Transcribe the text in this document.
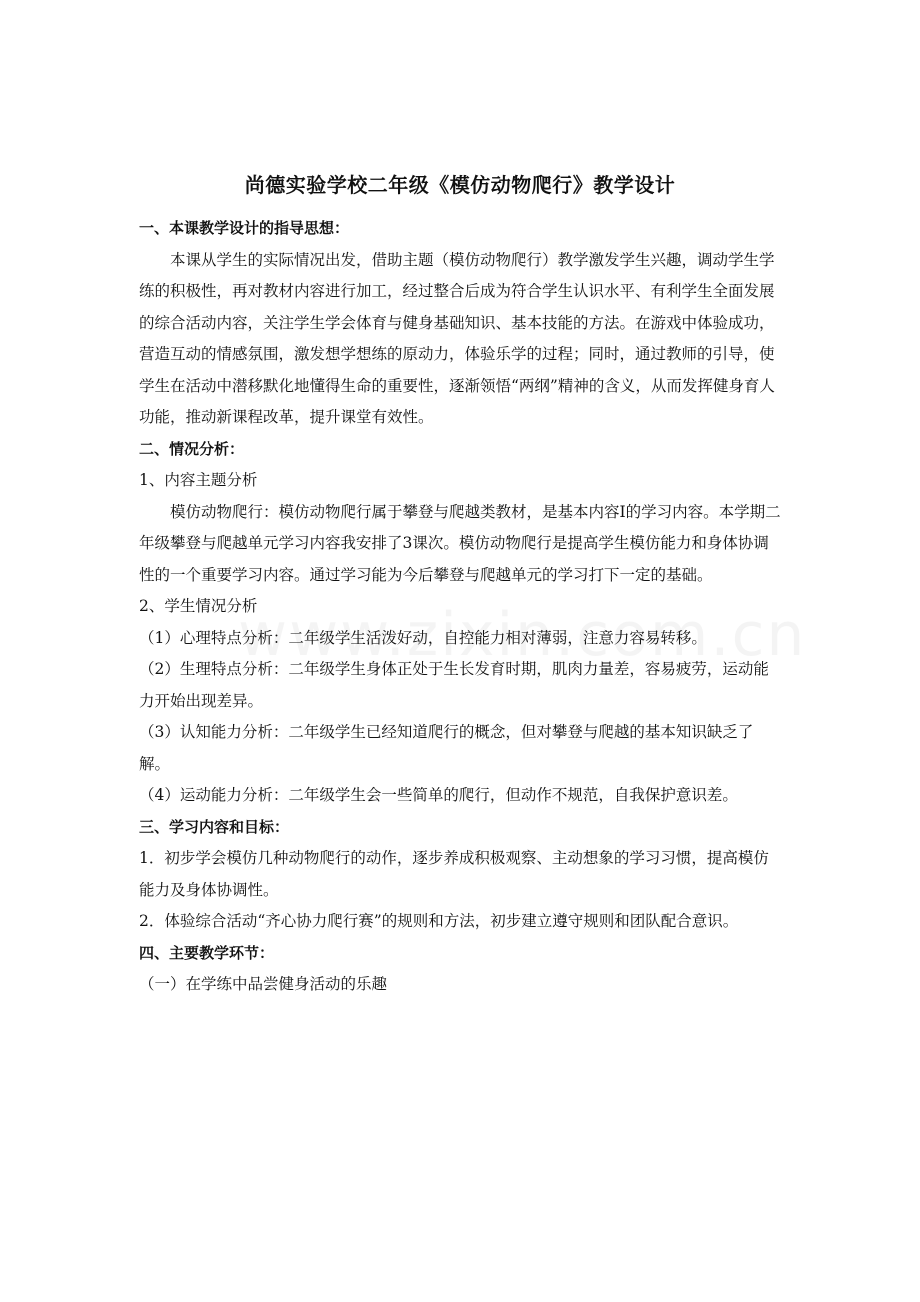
尚德实验学校二年级《模仿动物爬行》教学设计

一、本课教学设计的指导思想：

本课从学生的实际情况出发，借助主题（模仿动物爬行）教学激发学生兴趣，调动学生学练的积极性，再对教材内容进行加工，经过整合后成为符合学生认识水平、有利学生全面发展的综合活动内容，关注学生学会体育与健身基础知识、基本技能的方法。在游戏中体验成功，营造互动的情感氛围，激发想学想练的原动力，体验乐学的过程；同时，通过教师的引导，使学生在活动中潜移默化地懂得生命的重要性，逐渐领悟“两纲”精神的含义，从而发挥健身育人功能，推动新课程改革，提升课堂有效性。

二、情况分析：

1、内容主题分析

模仿动物爬行：模仿动物爬行属于攀登与爬越类教材，是基本内容Ⅰ的学习内容。本学期二年级攀登与爬越单元学习内容我安排了3课次。模仿动物爬行是提高学生模仿能力和身体协调性的一个重要学习内容。通过学习能为今后攀登与爬越单元的学习打下一定的基础。

2、学生情况分析

（1）心理特点分析：二年级学生活泼好动，自控能力相对薄弱，注意力容易转移。

（2）生理特点分析：二年级学生身体正处于生长发育时期，肌肉力量差，容易疲劳，运动能力开始出现差异。

（3）认知能力分析：二年级学生已经知道爬行的概念，但对攀登与爬越的基本知识缺乏了解。

（4）运动能力分析：二年级学生会一些简单的爬行，但动作不规范，自我保护意识差。

三、学习内容和目标：

1．初步学会模仿几种动物爬行的动作，逐步养成积极观察、主动想象的学习习惯，提高模仿能力及身体协调性。

2．体验综合活动“齐心协力爬行赛”的规则和方法，初步建立遵守规则和团队配合意识。

四、主要教学环节：

（一）在学练中品尝健身活动的乐趣
